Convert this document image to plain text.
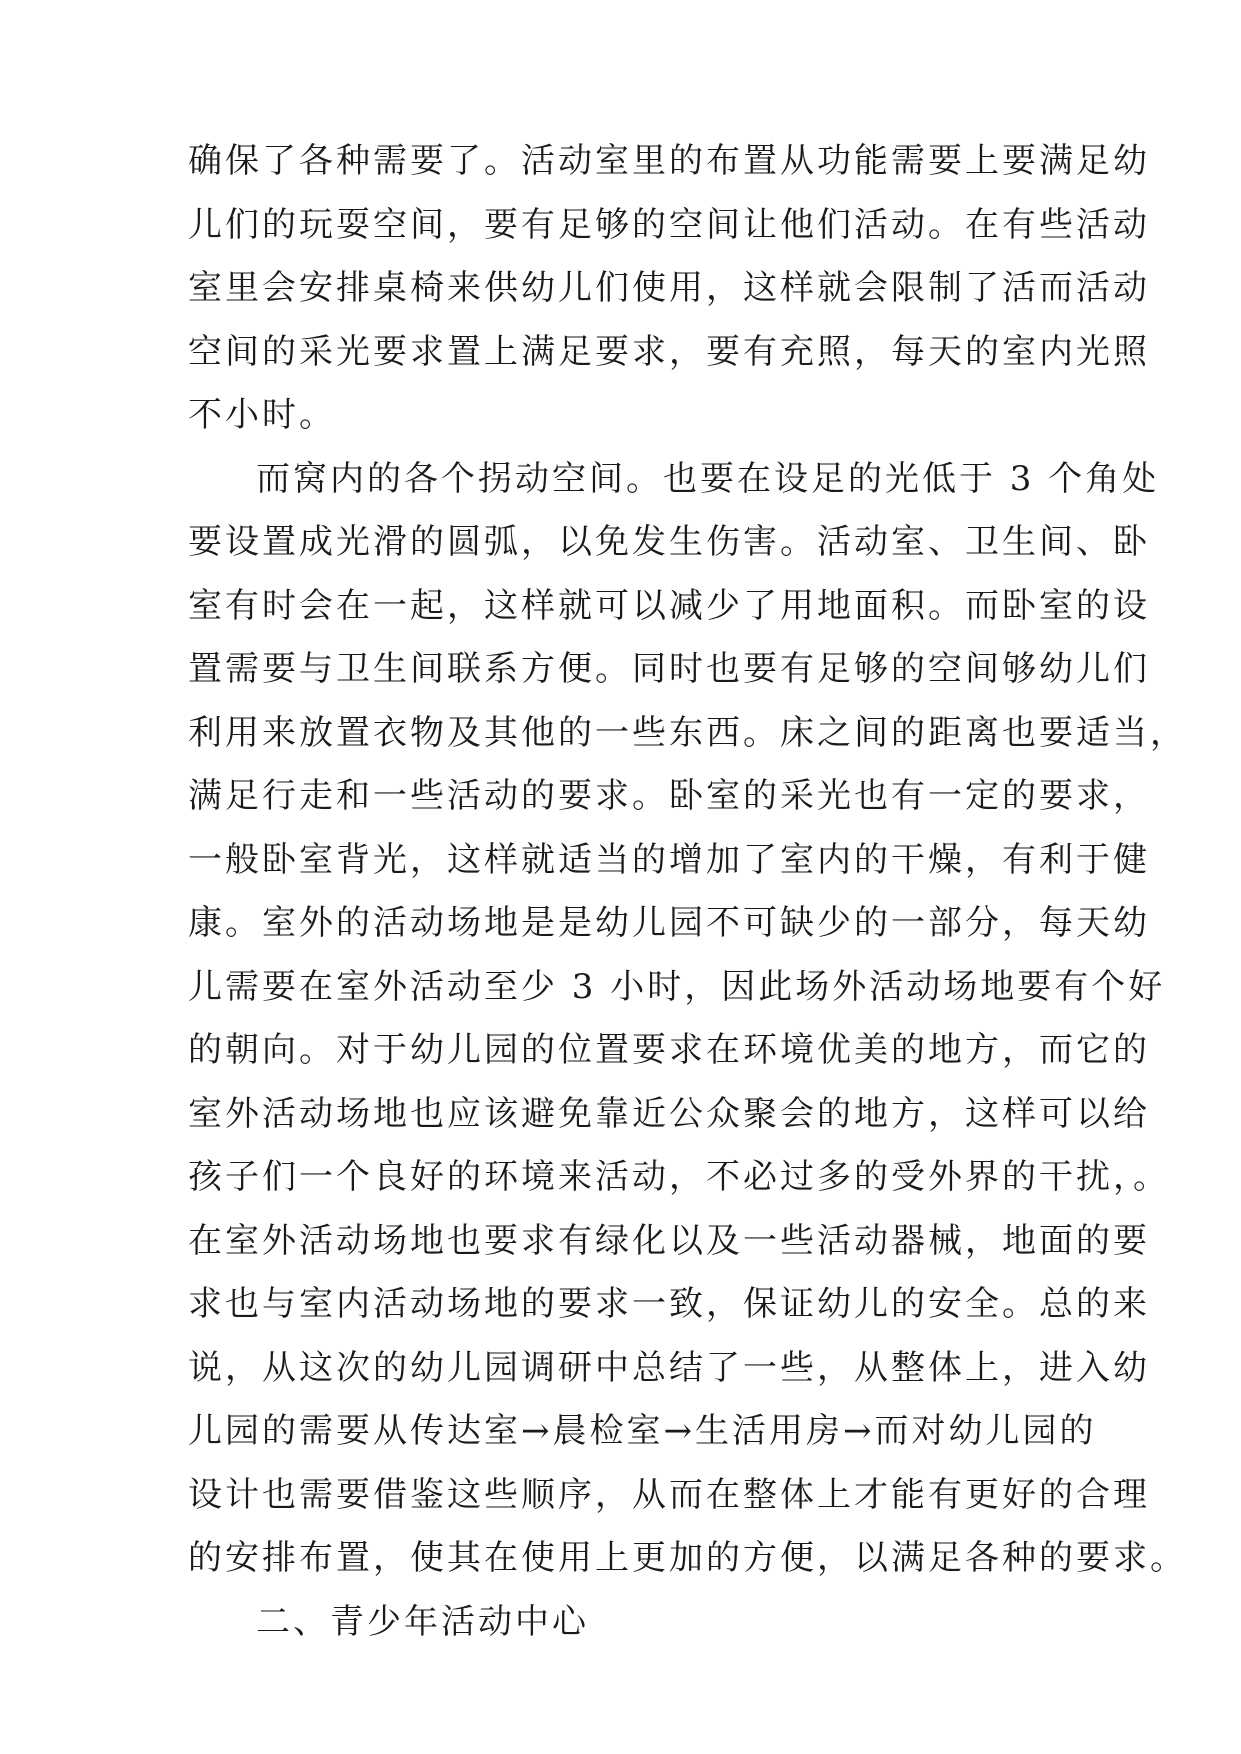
确保了各种需要了。活动室里的布置从功能需要上要满足幼
儿们的玩耍空间，要有足够的空间让他们活动。在有些活动
室里会安排桌椅来供幼儿们使用，这样就会限制了活而活动
空间的采光要求置上满足要求，要有充照，每天的室内光照
不小时。
而窝内的各个拐动空间。也要在设足的光低于 3 个角处
要设置成光滑的圆弧，以免发生伤害。活动室、卫生间、卧
室有时会在一起，这样就可以减少了用地面积。而卧室的设
置需要与卫生间联系方便。同时也要有足够的空间够幼儿们
利用来放置衣物及其他的一些东西。床之间的距离也要适当，
满足行走和一些活动的要求。卧室的采光也有一定的要求，
一般卧室背光，这样就适当的增加了室内的干燥，有利于健
康。室外的活动场地是是幼儿园不可缺少的一部分，每天幼
儿需要在室外活动至少 3 小时，因此场外活动场地要有个好
的朝向。对于幼儿园的位置要求在环境优美的地方，而它的
室外活动场地也应该避免靠近公众聚会的地方，这样可以给
孩子们一个良好的环境来活动，不必过多的受外界的干扰，。
在室外活动场地也要求有绿化以及一些活动器械，地面的要
求也与室内活动场地的要求一致，保证幼儿的安全。总的来
说，从这次的幼儿园调研中总结了一些，从整体上，进入幼
儿园的需要从传达室→晨检室→生活用房→而对幼儿园的
设计也需要借鉴这些顺序，从而在整体上才能有更好的合理
的安排布置，使其在使用上更加的方便，以满足各种的要求。
二、青少年活动中心
